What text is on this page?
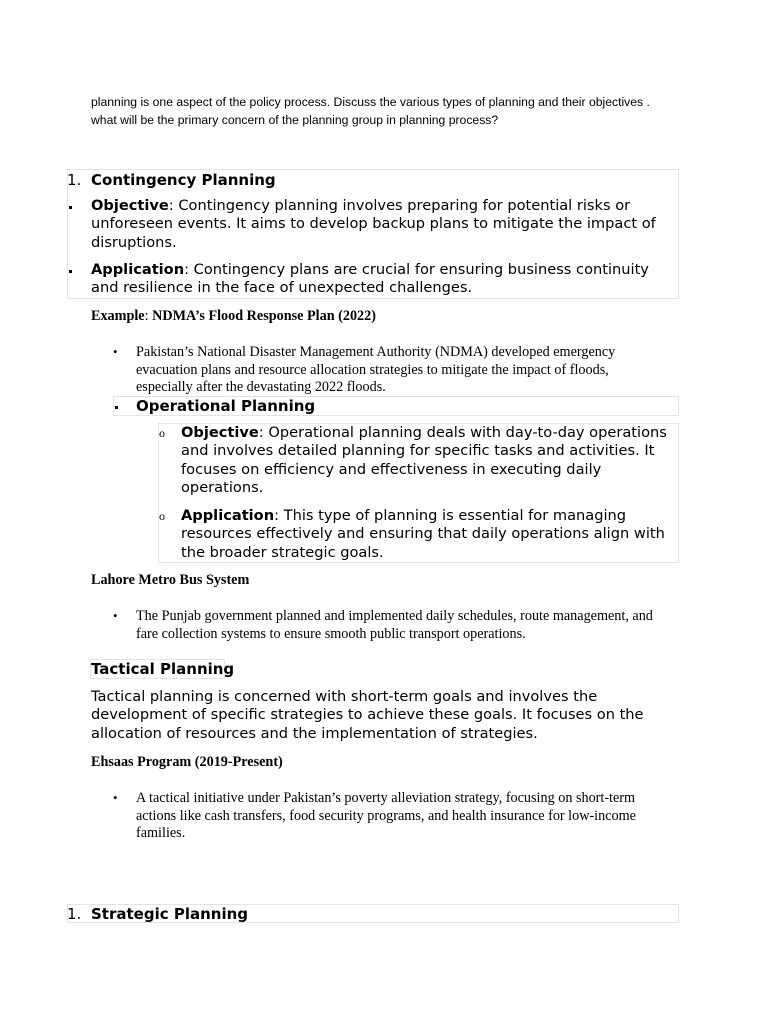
planning is one aspect of the policy process. Discuss the various types of planning and their objectives .
what will be the primary concern of the planning group in planning process?
1. Contingency Planning
Objective: Contingency planning involves preparing for potential risks or unforeseen events. It aims to develop backup plans to mitigate the impact of disruptions.
Application: Contingency plans are crucial for ensuring business continuity and resilience in the face of unexpected challenges.
Example: NDMA’s Flood Response Plan (2022)
• Pakistan’s National Disaster Management Authority (NDMA) developed emergency evacuation plans and resource allocation strategies to mitigate the impact of floods, especially after the devastating 2022 floods.
Operational Planning
o Objective: Operational planning deals with day-to-day operations and involves detailed planning for specific tasks and activities. It focuses on efficiency and effectiveness in executing daily operations.
o Application: This type of planning is essential for managing resources effectively and ensuring that daily operations align with the broader strategic goals.
Lahore Metro Bus System
• The Punjab government planned and implemented daily schedules, route management, and fare collection systems to ensure smooth public transport operations.
Tactical Planning
Tactical planning is concerned with short-term goals and involves the development of specific strategies to achieve these goals. It focuses on the allocation of resources and the implementation of strategies.
Ehsaas Program (2019-Present)
• A tactical initiative under Pakistan’s poverty alleviation strategy, focusing on short-term actions like cash transfers, food security programs, and health insurance for low-income families.
1. Strategic Planning
